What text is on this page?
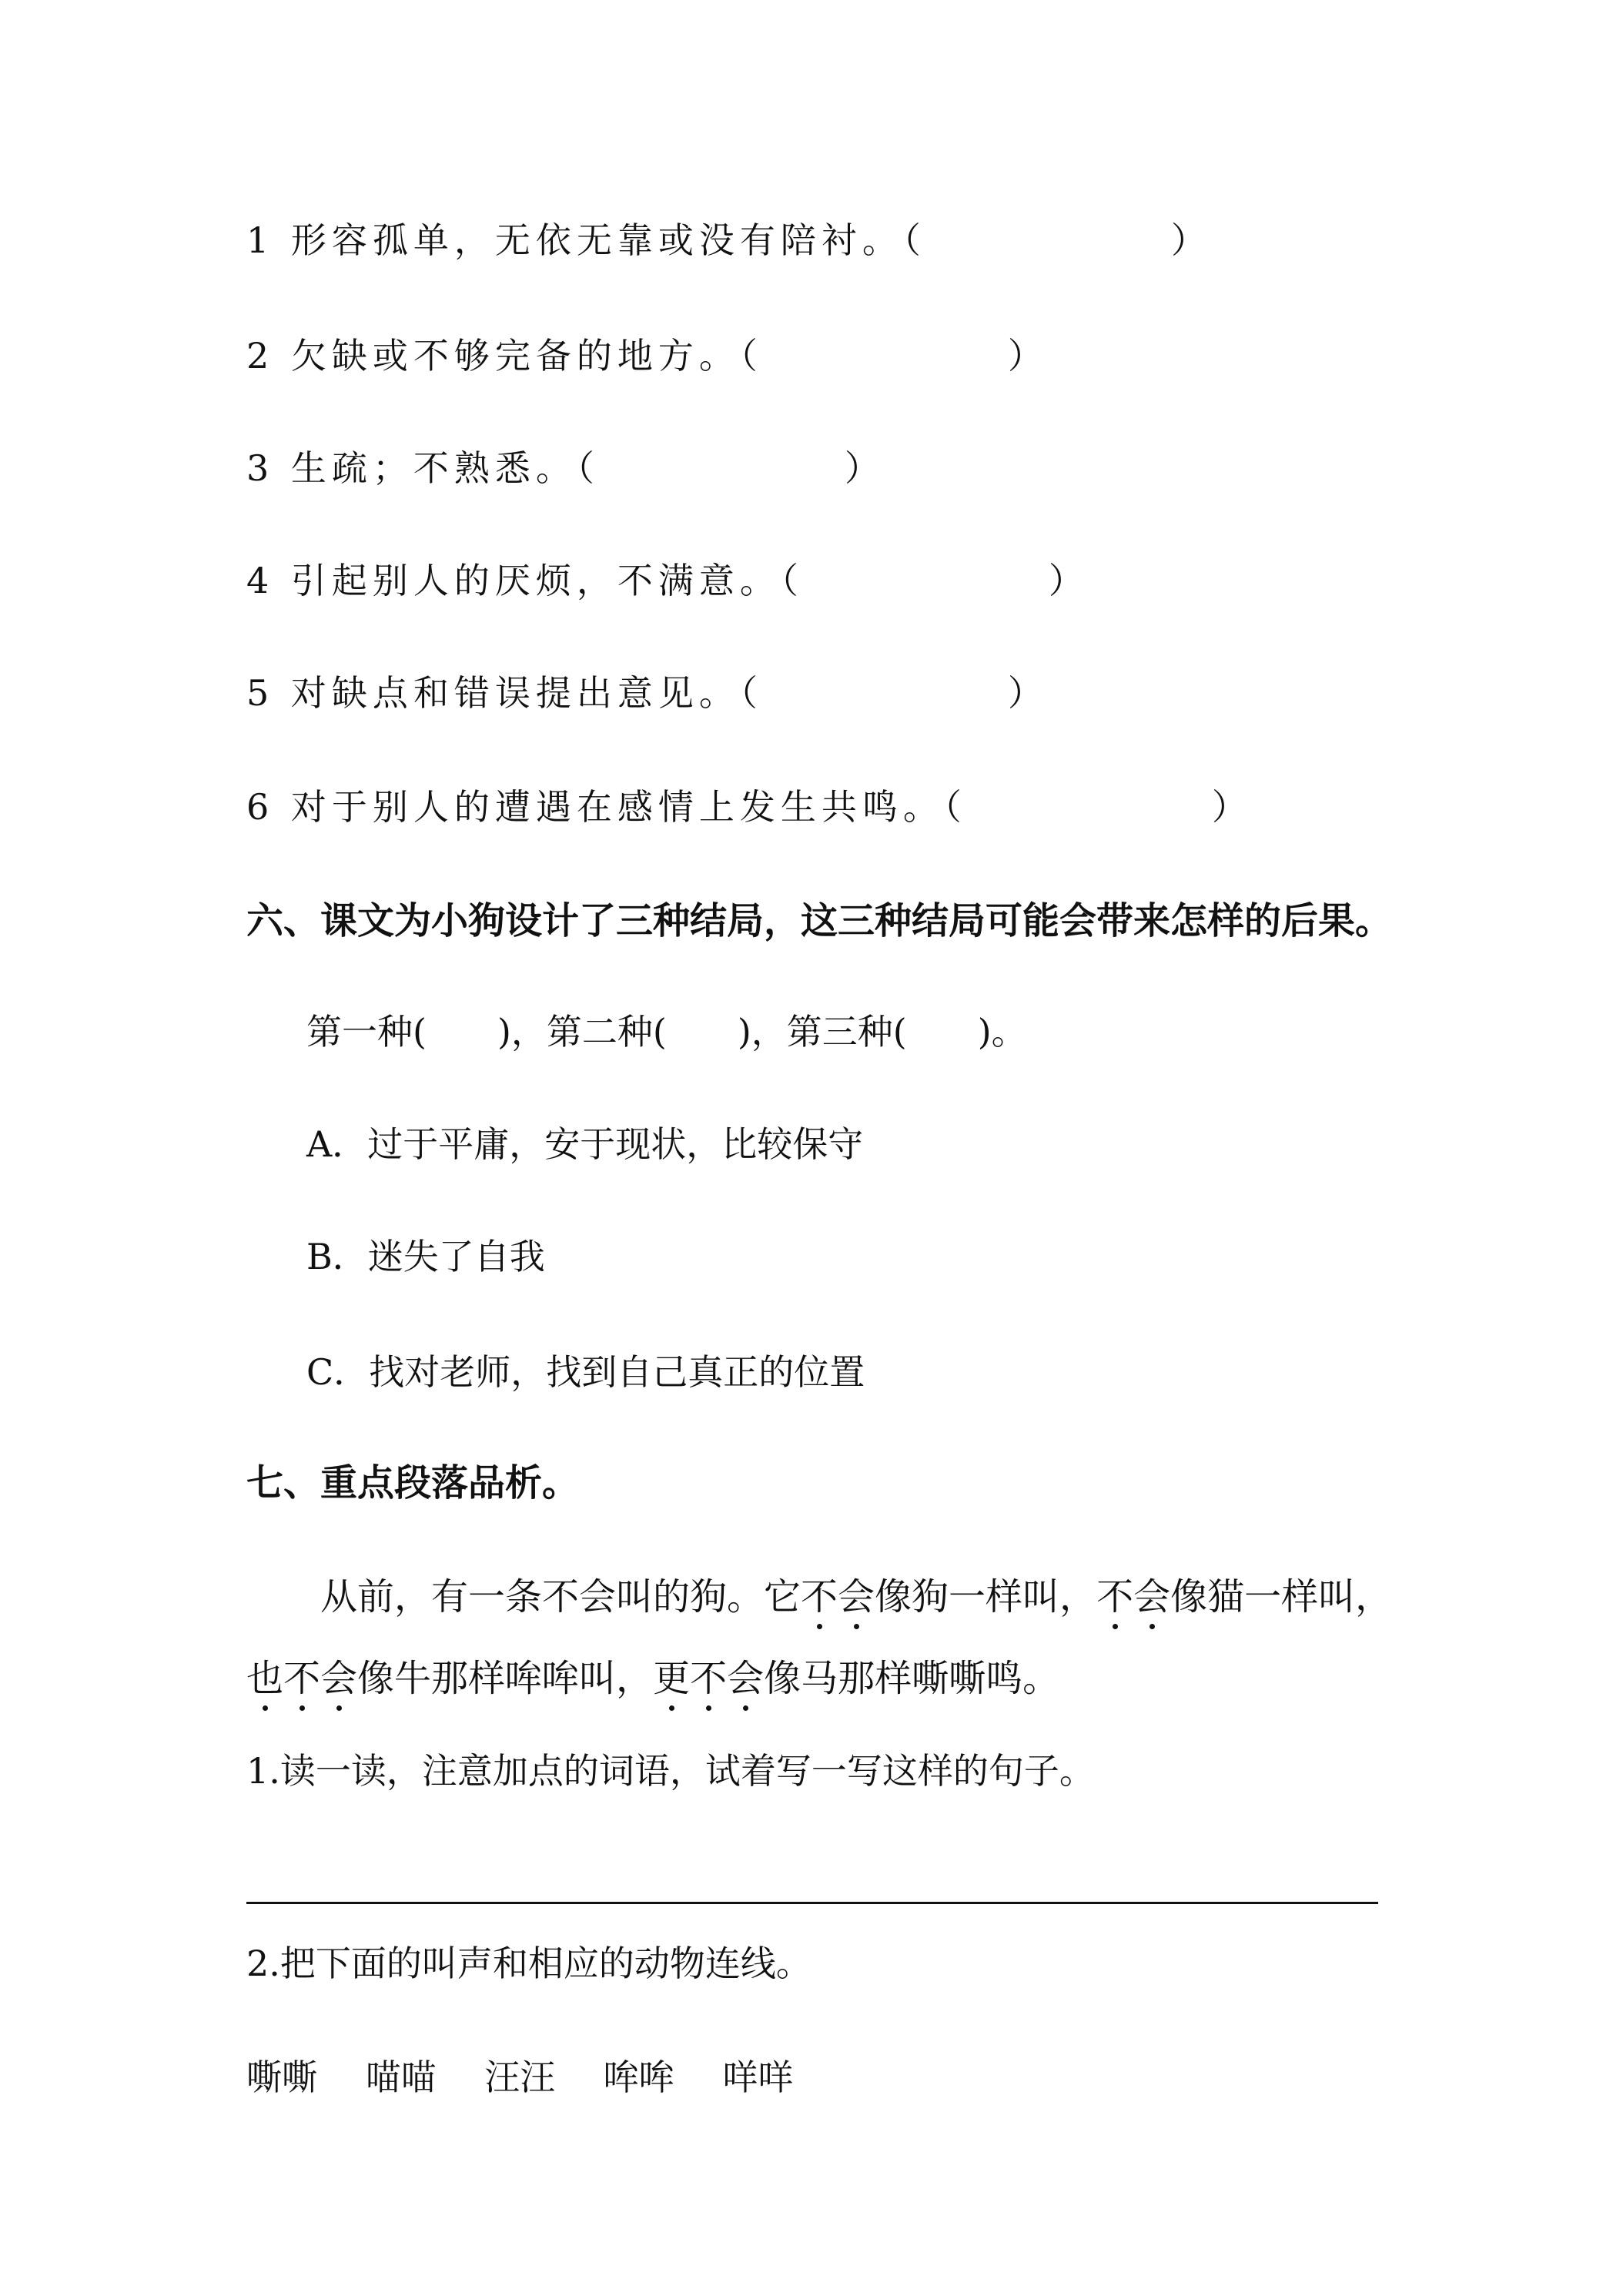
1 形容孤单，无依无靠或没有陪衬。（　　　　　　）
2 欠缺或不够完备的地方。（　　　　　　）
3 生疏；不熟悉。（　　　　　　）
4 引起别人的厌烦，不满意。（　　　　　　）
5 对缺点和错误提出意见。（　　　　　　）
6 对于别人的遭遇在感情上发生共鸣。（　　　　　　）
六、课文为小狗设计了三种结局，这三种结局可能会带来怎样的后果。
第一种(　　)，第二种(　　)，第三种(　　)。
A．过于平庸，安于现状，比较保守
B．迷失了自我
C．找对老师，找到自己真正的位置
七、重点段落品析。
从前，有一条不会叫的狗。它不会像狗一样叫，不会像猫一样叫，
也不会像牛那样哞哞叫，更不会像马那样嘶嘶鸣。
1.读一读，注意加点的词语，试着写一写这样的句子。
2.把下面的叫声和相应的动物连线。
嘶嘶 喵喵 汪汪 哞哞 咩咩
